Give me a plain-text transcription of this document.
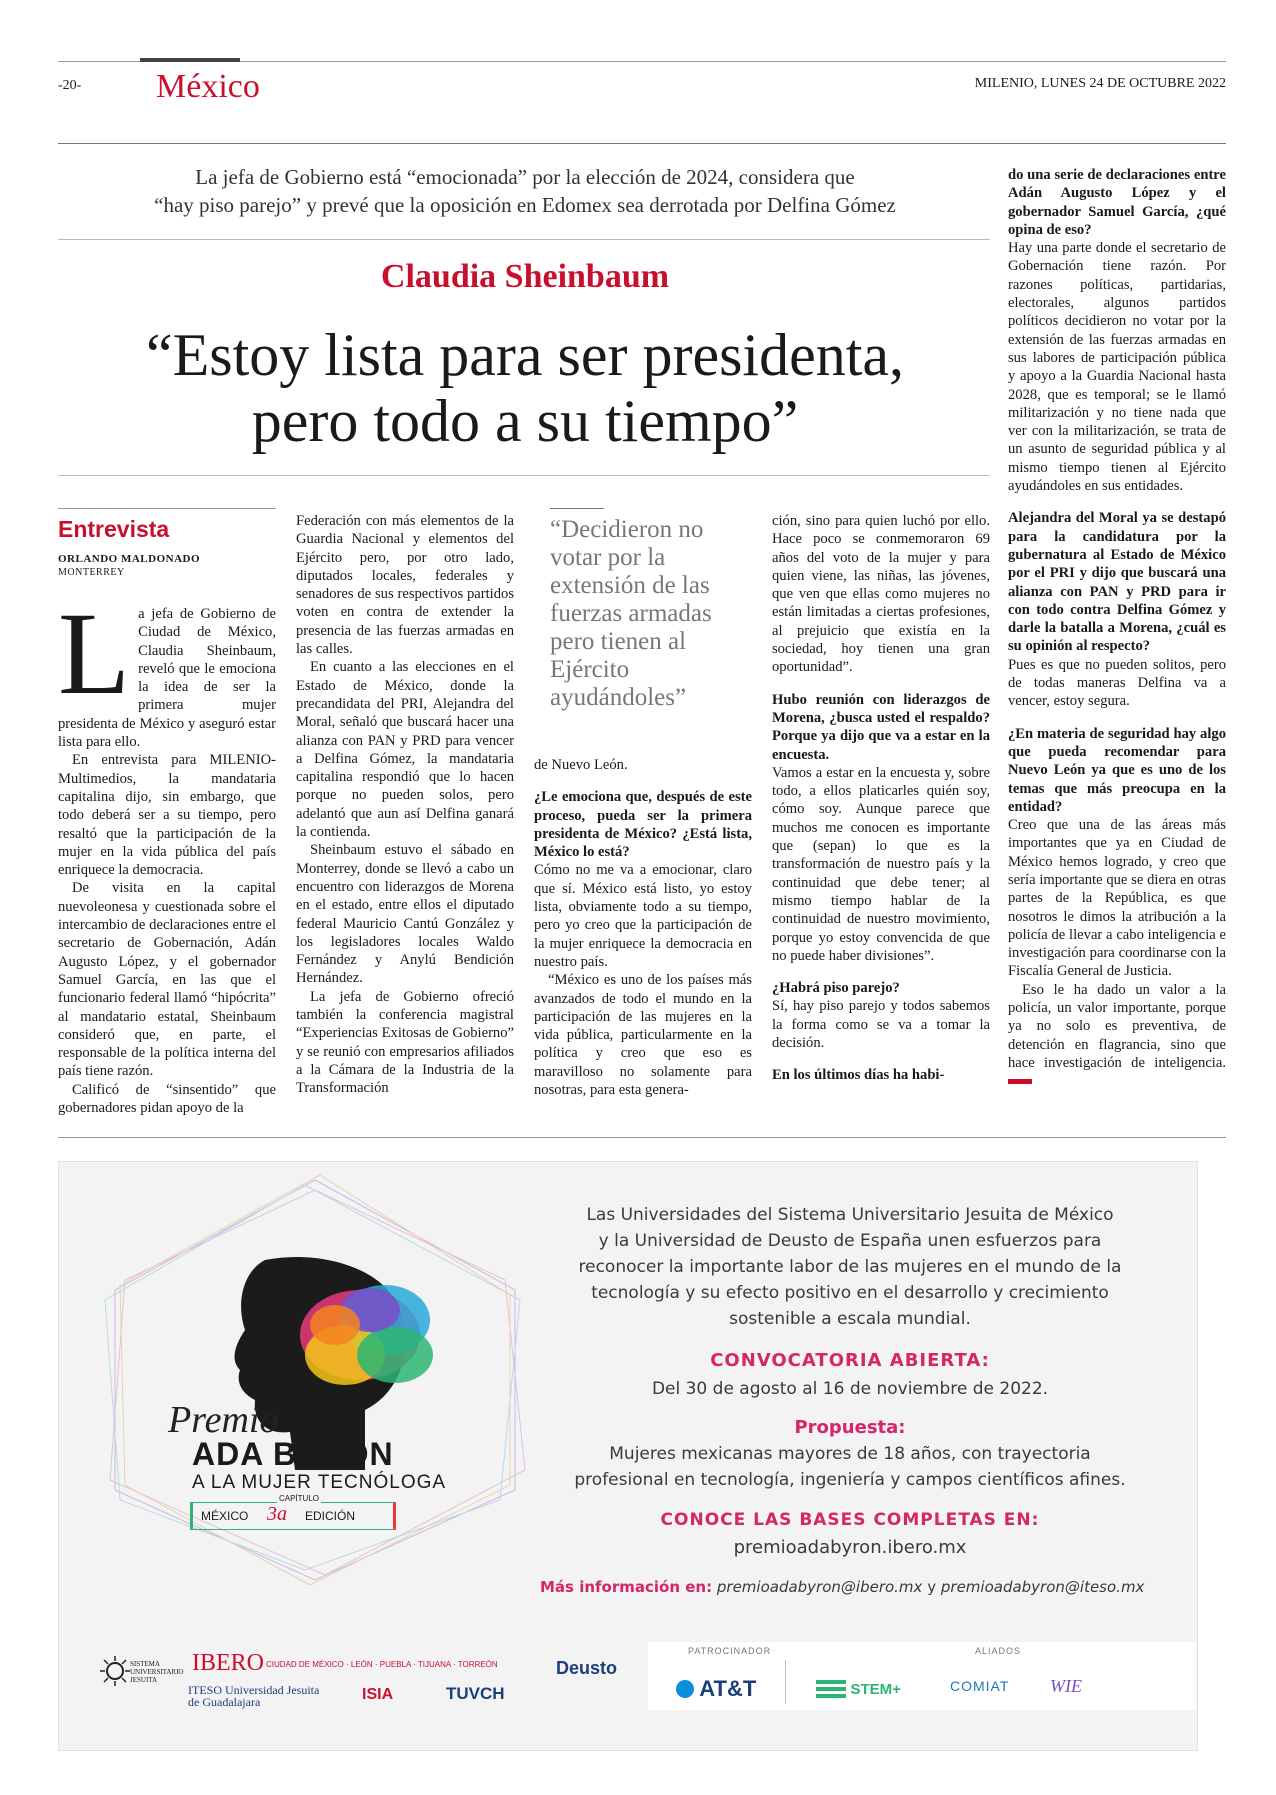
-20- México	MILENIO, LUNES 24 DE OCTUBRE 2022
La jefa de Gobierno está “emocionada” por la elección de 2024, considera que
“hay piso parejo” y prevé que la oposición en Edomex sea derrotada por Delfina Gómez
Claudia Sheinbaum
“Estoy lista para ser presidenta,
pero todo a su tiempo”
Entrevista
ORLANDO MALDONADO
MONTERREY

La jefa de Gobierno de Ciudad de México, Claudia Sheinbaum, reveló que le emociona la idea de ser la primera mujer presidenta de México y aseguró estar lista para ello.

En entrevista para MILENIO-Multimedios, la mandataria capitalina dijo, sin embargo, que todo deberá ser a su tiempo, pero resaltó que la participación de la mujer en la vida pública del país enriquece la democracia.

De visita en la capital nuevoleonesa y cuestionada sobre el intercambio de declaraciones entre el secretario de Gobernación, Adán Augusto López, y el gobernador Samuel García, en las que el funcionario federal llamó “hipócrita” al mandatario estatal, Sheinbaum consideró que, en parte, el responsable de la política interna del país tiene razón.

Calificó de “sinsentido” que gobernadores pidan apoyo de la

Federación con más elementos de la Guardia Nacional y elementos del Ejército pero, por otro lado, diputados locales, federales y senadores de sus respectivos partidos voten en contra de extender la presencia de las fuerzas armadas en las calles.

En cuanto a las elecciones en el Estado de México, donde la precandidata del PRI, Alejandra del Moral, señaló que buscará hacer una alianza con PAN y PRD para vencer a Delfina Gómez, la mandataria capitalina respondió que lo hacen porque no pueden solos, pero adelantó que aun así Delfina ganará la contienda.

Sheinbaum estuvo el sábado en Monterrey, donde se llevó a cabo un encuentro con liderazgos de Morena en el estado, entre ellos el diputado federal Mauricio Cantú González y los legisladores locales Waldo Fernández y Anylú Bendición Hernández.

La jefa de Gobierno ofreció también la conferencia magistral “Experiencias Exitosas de Gobierno” y se reunió con empresarios afiliados a la Cámara de la Industria de la Transformación

“Decidieron no votar por la extensión de las fuerzas armadas pero tienen al Ejército ayudándoles”

de Nuevo León.

¿Le emociona que, después de este proceso, pueda ser la primera presidenta de México? ¿Está lista, México lo está?

Cómo no me va a emocionar, claro que sí. México está listo, yo estoy lista, obviamente todo a su tiempo, pero yo creo que la participación de la mujer enriquece la democracia en nuestro país.

“México es uno de los países más avanzados de todo el mundo en la participación de las mujeres en la vida pública, particularmente en la política y creo que eso es maravilloso no solamente para nosotras, para esta genera-

ción, sino para quien luchó por ello. Hace poco se conmemoraron 69 años del voto de la mujer y para quien viene, las niñas, las jóvenes, que ven que ellas como mujeres no están limitadas a ciertas profesiones, al prejuicio que existía en la sociedad, hoy tienen una gran oportunidad”.

Hubo reunión con liderazgos de Morena, ¿busca usted el respaldo? Porque ya dijo que va a estar en la encuesta.

Vamos a estar en la encuesta y, sobre todo, a ellos platicarles quién soy, cómo soy. Aunque parece que muchos me conocen es importante que (sepan) lo que es la transformación de nuestro país y la continuidad que debe tener; al mismo tiempo hablar de la continuidad de nuestro movimiento, porque yo estoy convencida de que no puede haber divisiones”.

¿Habrá piso parejo?

Sí, hay piso parejo y todos sabemos la forma como se va a tomar la decisión.

En los últimos días ha habi-

do una serie de declaraciones entre Adán Augusto López y el gobernador Samuel García, ¿qué opina de eso?

Hay una parte donde el secretario de Gobernación tiene razón. Por razones políticas, partidarias, electorales, algunos partidos políticos decidieron no votar por la extensión de las fuerzas armadas en sus labores de participación pública y apoyo a la Guardia Nacional hasta 2028, que es temporal; se le llamó militarización y no tiene nada que ver con la militarización, se trata de un asunto de seguridad pública y al mismo tiempo tienen al Ejército ayudándoles en sus entidades.

Alejandra del Moral ya se destapó para la candidatura por la gubernatura al Estado de México por el PRI y dijo que buscará una alianza con PAN y PRD para ir con todo contra Delfina Gómez y darle la batalla a Morena, ¿cuál es su opinión al respecto?

Pues es que no pueden solitos, pero de todas maneras Delfina va a vencer, estoy segura.

¿En materia de seguridad hay algo que pueda recomendar para Nuevo León ya que es uno de los temas que más preocupa en la entidad?

Creo que una de las áreas más importantes que ya en Ciudad de México hemos logrado, y creo que sería importante que se diera en otras partes de la República, es que nosotros le dimos la atribución a la policía de llevar a cabo inteligencia e investigación para coordinarse con la Fiscalía General de Justicia.

Eso le ha dado un valor a la policía, un valor importante, porque ya no solo es preventiva, de detención en flagrancia, sino que hace investigación de inteligencia.

Premio
ADA BYRON
A LA MUJER TECNÓLOGA
CAPÍTULO
MÉXICO 3a EDICIÓN
Las Universidades del Sistema Universitario Jesuita de México
y la Universidad de Deusto de España unen esfuerzos para
reconocer la importante labor de las mujeres en el mundo de la
tecnología y su efecto positivo en el desarrollo y crecimiento
sostenible a escala mundial.
CONVOCATORIA ABIERTA:
Del 30 de agosto al 16 de noviembre de 2022.
Propuesta:
Mujeres mexicanas mayores de 18 años, con trayectoria
profesional en tecnología, ingeniería y campos científicos afines.
CONOCE LAS BASES COMPLETAS EN:
premioadabyron.ibero.mx
Más información en: premioadabyron@ibero.mx y premioadabyron@iteso.mx
PATROCINADOR	ALIADOS
SISTEMA UNIVERSITARIO JESUITA
IBERO CIUDAD DE MÉXICO · LEÓN · PUEBLA · TIJUANA · TORREÓN
ITESO Universidad Jesuita de Guadalajara	ISIA	TUVCH
Deusto
AT&T	STEM+	COMIAT WIE
